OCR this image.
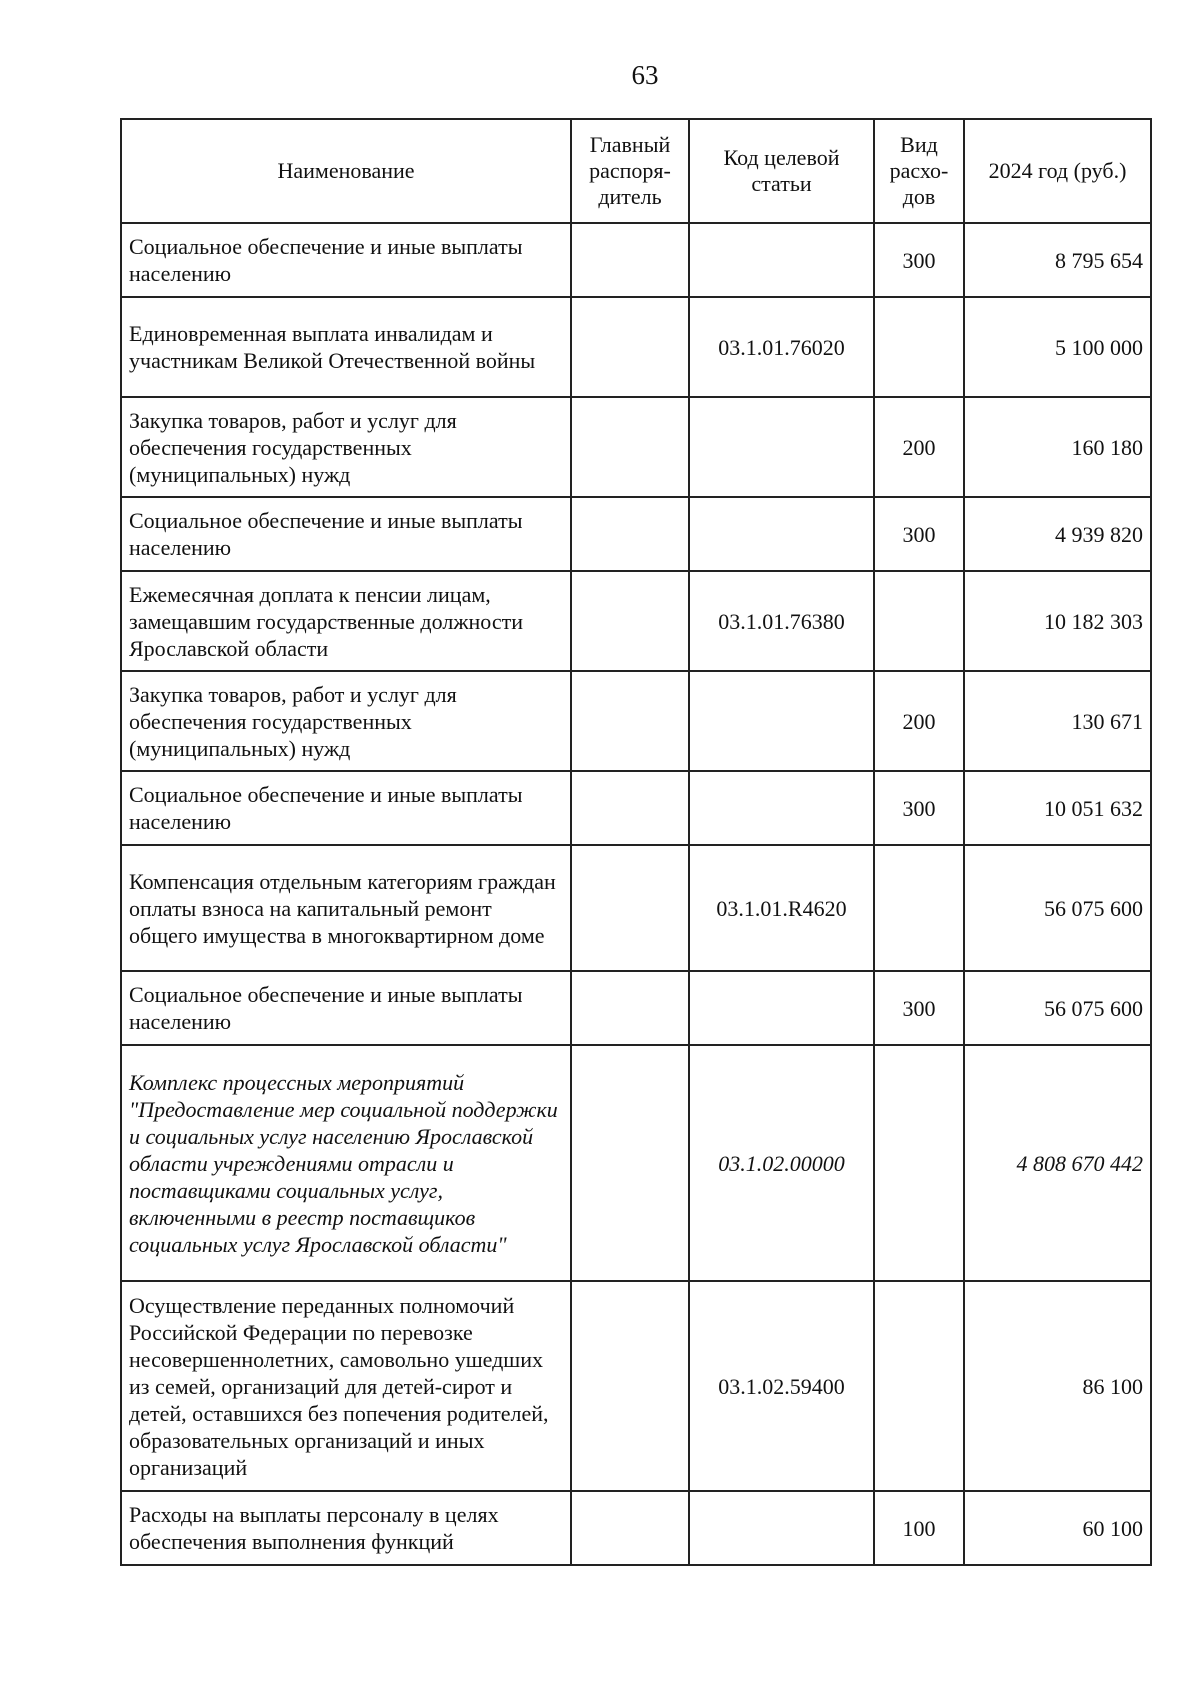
63
Наименование	Главный распоря-дитель	Код целевой статьи	Вид расхо-дов	2024 год (руб.)
Социальное обеспечение и иные выплаты населению			300	8 795 654
Единовременная выплата инвалидам и участникам Великой Отечественной войны		03.1.01.76020		5 100 000
Закупка товаров, работ и услуг для обеспечения государственных (муниципальных) нужд			200	160 180
Социальное обеспечение и иные выплаты населению			300	4 939 820
Ежемесячная доплата к пенсии лицам, замещавшим государственные должности Ярославской области		03.1.01.76380		10 182 303
Закупка товаров, работ и услуг для обеспечения государственных (муниципальных) нужд			200	130 671
Социальное обеспечение и иные выплаты населению			300	10 051 632
Компенсация отдельным категориям граждан оплаты взноса на капитальный ремонт общего имущества в многоквартирном доме		03.1.01.R4620		56 075 600
Социальное обеспечение и иные выплаты населению			300	56 075 600
Комплекс процессных мероприятий "Предоставление мер социальной поддержки и социальных услуг населению Ярославской области учреждениями отрасли и поставщиками социальных услуг, включенными в реестр поставщиков социальных услуг Ярославской области"		03.1.02.00000		4 808 670 442
Осуществление переданных полномочий Российской Федерации по перевозке несовершеннолетних, самовольно ушедших из семей, организаций для детей-сирот и детей, оставшихся без попечения родителей, образовательных организаций и иных организаций		03.1.02.59400		86 100
Расходы на выплаты персоналу в целях обеспечения выполнения функций			100	60 100
